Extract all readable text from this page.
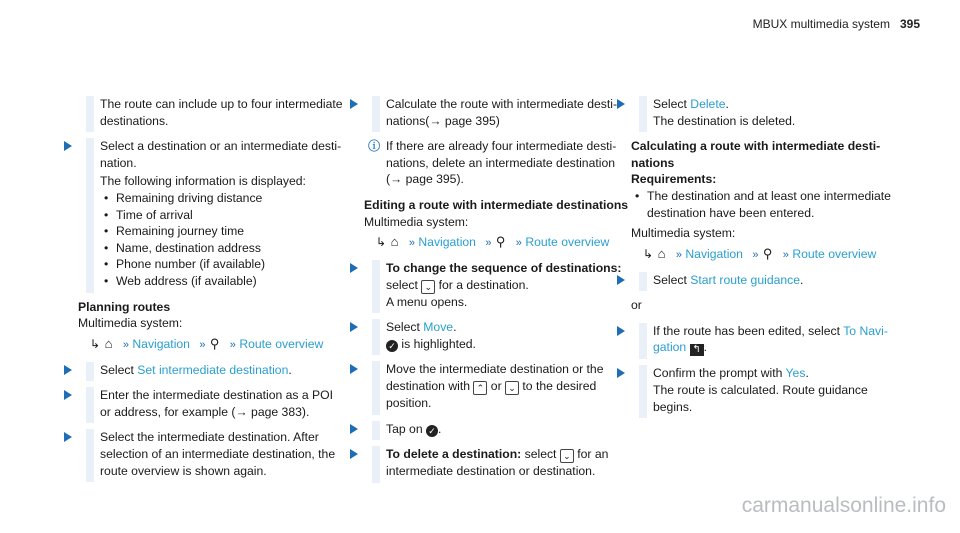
MBUX multimedia system 395
The route can include up to four intermediate destinations.
Select a destination or an intermediate destination.
The following information is displayed:
• Remaining driving distance
• Time of arrival
• Remaining journey time
• Name, destination address
• Phone number (if available)
• Web address (if available)
Planning routes
Multimedia system:
↳ ⌂ » Navigation » ⚲ » Route overview
Select Set intermediate destination.
Enter the intermediate destination as a POI or address, for example (→ page 383).
Select the intermediate destination. After selection of an intermediate destination, the route overview is shown again.
Calculate the route with intermediate destinations(→ page 395)
ⓘ If there are already four intermediate destinations, delete an intermediate destination (→ page 395).
Editing a route with intermediate destinations
Multimedia system:
↳ ⌂ » Navigation » ⚲ » Route overview
To change the sequence of destinations:
select ⌄ for a destination.
A menu opens.
Select Move.
✓ is highlighted.
Move the intermediate destination or the destination with ⌃ or ⌄ to the desired position.
Tap on ✓ .
To delete a destination: select ⌄ for an intermediate destination or destination.
Select Delete.
The destination is deleted.
Calculating a route with intermediate destinations
Requirements:
• The destination and at least one intermediate destination have been entered.
Multimedia system:
↳ ⌂ » Navigation » ⚲ » Route overview
Select Start route guidance.
or
If the route has been edited, select To Navigation ↰ .
Confirm the prompt with Yes.
The route is calculated. Route guidance begins.
carmanualsonline.info
